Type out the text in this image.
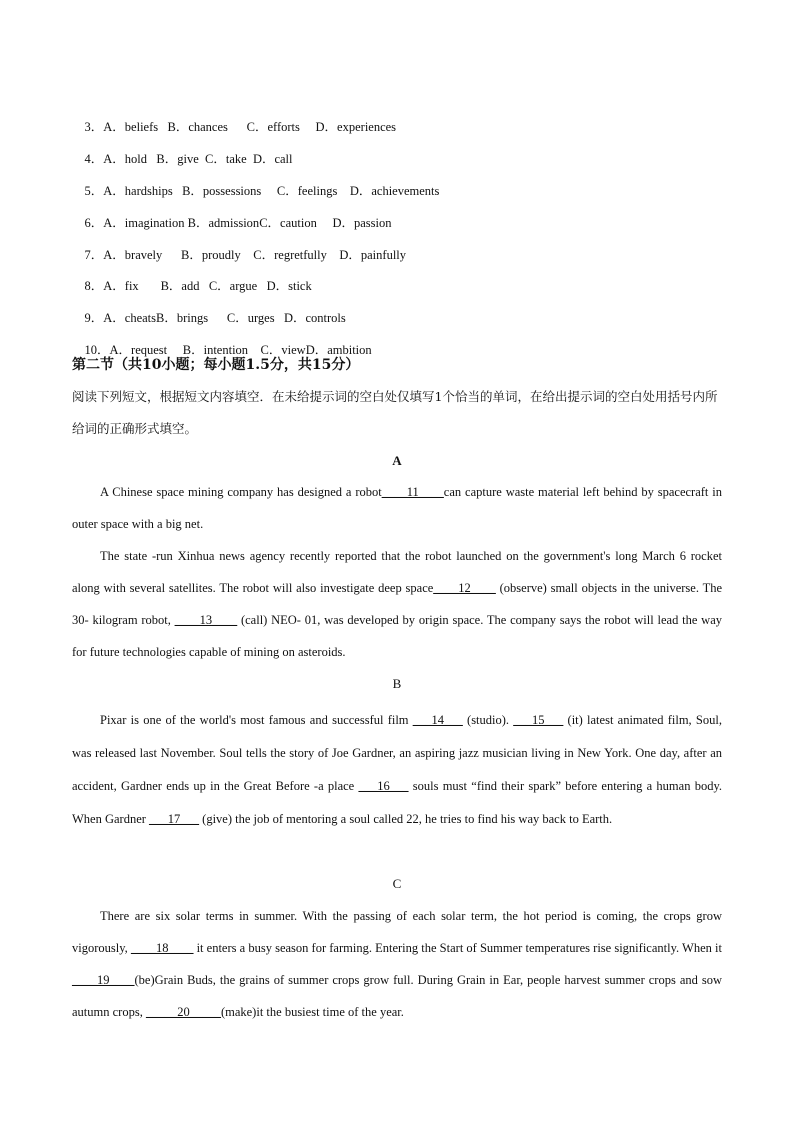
3．A．beliefs B．chances C．efforts D．experiences

4．A．hold B．give C．take D．call

5．A．hardships B．possessions C．feelings D．achievements

6．A．imagination B．admissionC．caution D．passion

7．A．bravely B．proudly C．regretfully D．painfully

8．A．fix B．add C．argue D．stick

9．A．cheatsB．brings C．urges D．controls

10．A．request B．intention C．viewD．ambition

第二节（共10小题；每小题1.5分，共15分）
阅读下列短文，根据短文内容填空．在未给提示词的空白处仅填写1个恰当的单词，在给出提示词的空白处用括号内所给词的正确形式填空。
A

A Chinese space mining company has designed a robot____11____can capture waste material left behind by spacecraft in outer space with a big net.

The state -run Xinhua news agency recently reported that the robot launched on the government's long March 6 rocket along with several satellites. The robot will also investigate deep space____12____ (observe) small objects in the universe. The 30- kilogram robot, ____13____ (call) NEO- 01, was developed by origin space. The company says the robot will lead the way for future technologies capable of mining on asteroids.

B

Pixar is one of the world's most famous and successful film ___14___ (studio). ___15___ (it) latest animated film, Soul, was released last November. Soul tells the story of Joe Gardner, an aspiring jazz musician living in New York. One day, after an accident, Gardner ends up in the Great Before -a place ___16___ souls must “find their spark” before entering a human body. When Gardner ___17___ (give) the job of mentoring a soul called 22, he tries to find his way back to Earth.

C

There are six solar terms in summer. With the passing of each solar term, the hot period is coming, the crops grow vigorously, ____18____ it enters a busy season for farming. Entering the Start of Summer temperatures rise significantly. When it ____19____(be)Grain Buds, the grains of summer crops grow full. During Grain in Ear, people harvest summer crops and sow autumn crops, _____20_____(make)it the busiest time of the year.
